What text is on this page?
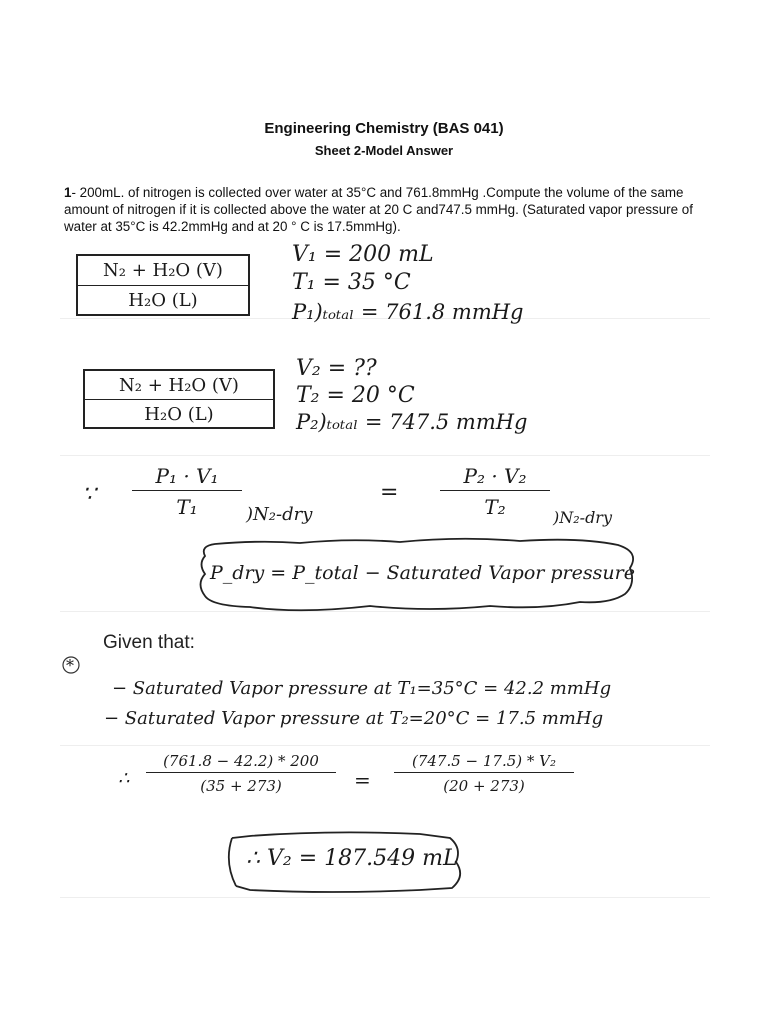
Engineering Chemistry (BAS 041)
Sheet 2-Model Answer
1- 200mL. of nitrogen is collected over water at 35°C and 761.8mmHg .Compute the volume of the same amount of nitrogen if it is collected above the water at 20 C and747.5 mmHg. (Saturated vapor pressure of water at 35°C is 42.2mmHg and at 20 ° C is 17.5mmHg).
N₂ + H₂O (V)
H₂O (L)
V₁ = 200 mL
T₁ = 35 °C
P₁)ₜₒₜₐₗ = 761.8 mmHg
N₂ + H₂O (V)
H₂O (L)
V₂ = ??
T₂ = 20 °C
P₂)ₜₒₜₐₗ = 747.5 mmHg
∵ $\frac{\text{P₁ · V₁}}{\text{T₁}} )N_2-dry$
= $\frac{\text{P₂ · V₂}}{\text{T₂}} )N_2-dry$
P_dry = P_total − Saturated Vapor pressure
Given that:
*
− Saturated Vapor pressure at T₁=35°C = 42.2 mmHg
− Saturated Vapor pressure at T₂=20°C = 17.5 mmHg
∴ $\frac{(761.8 - 42.2) * 200}{(35 + 273)} = \frac{\text{(747.5 − 17.5) * V₂}}{(20 + 273)}$
∴ V₂ = 187.549 mL
